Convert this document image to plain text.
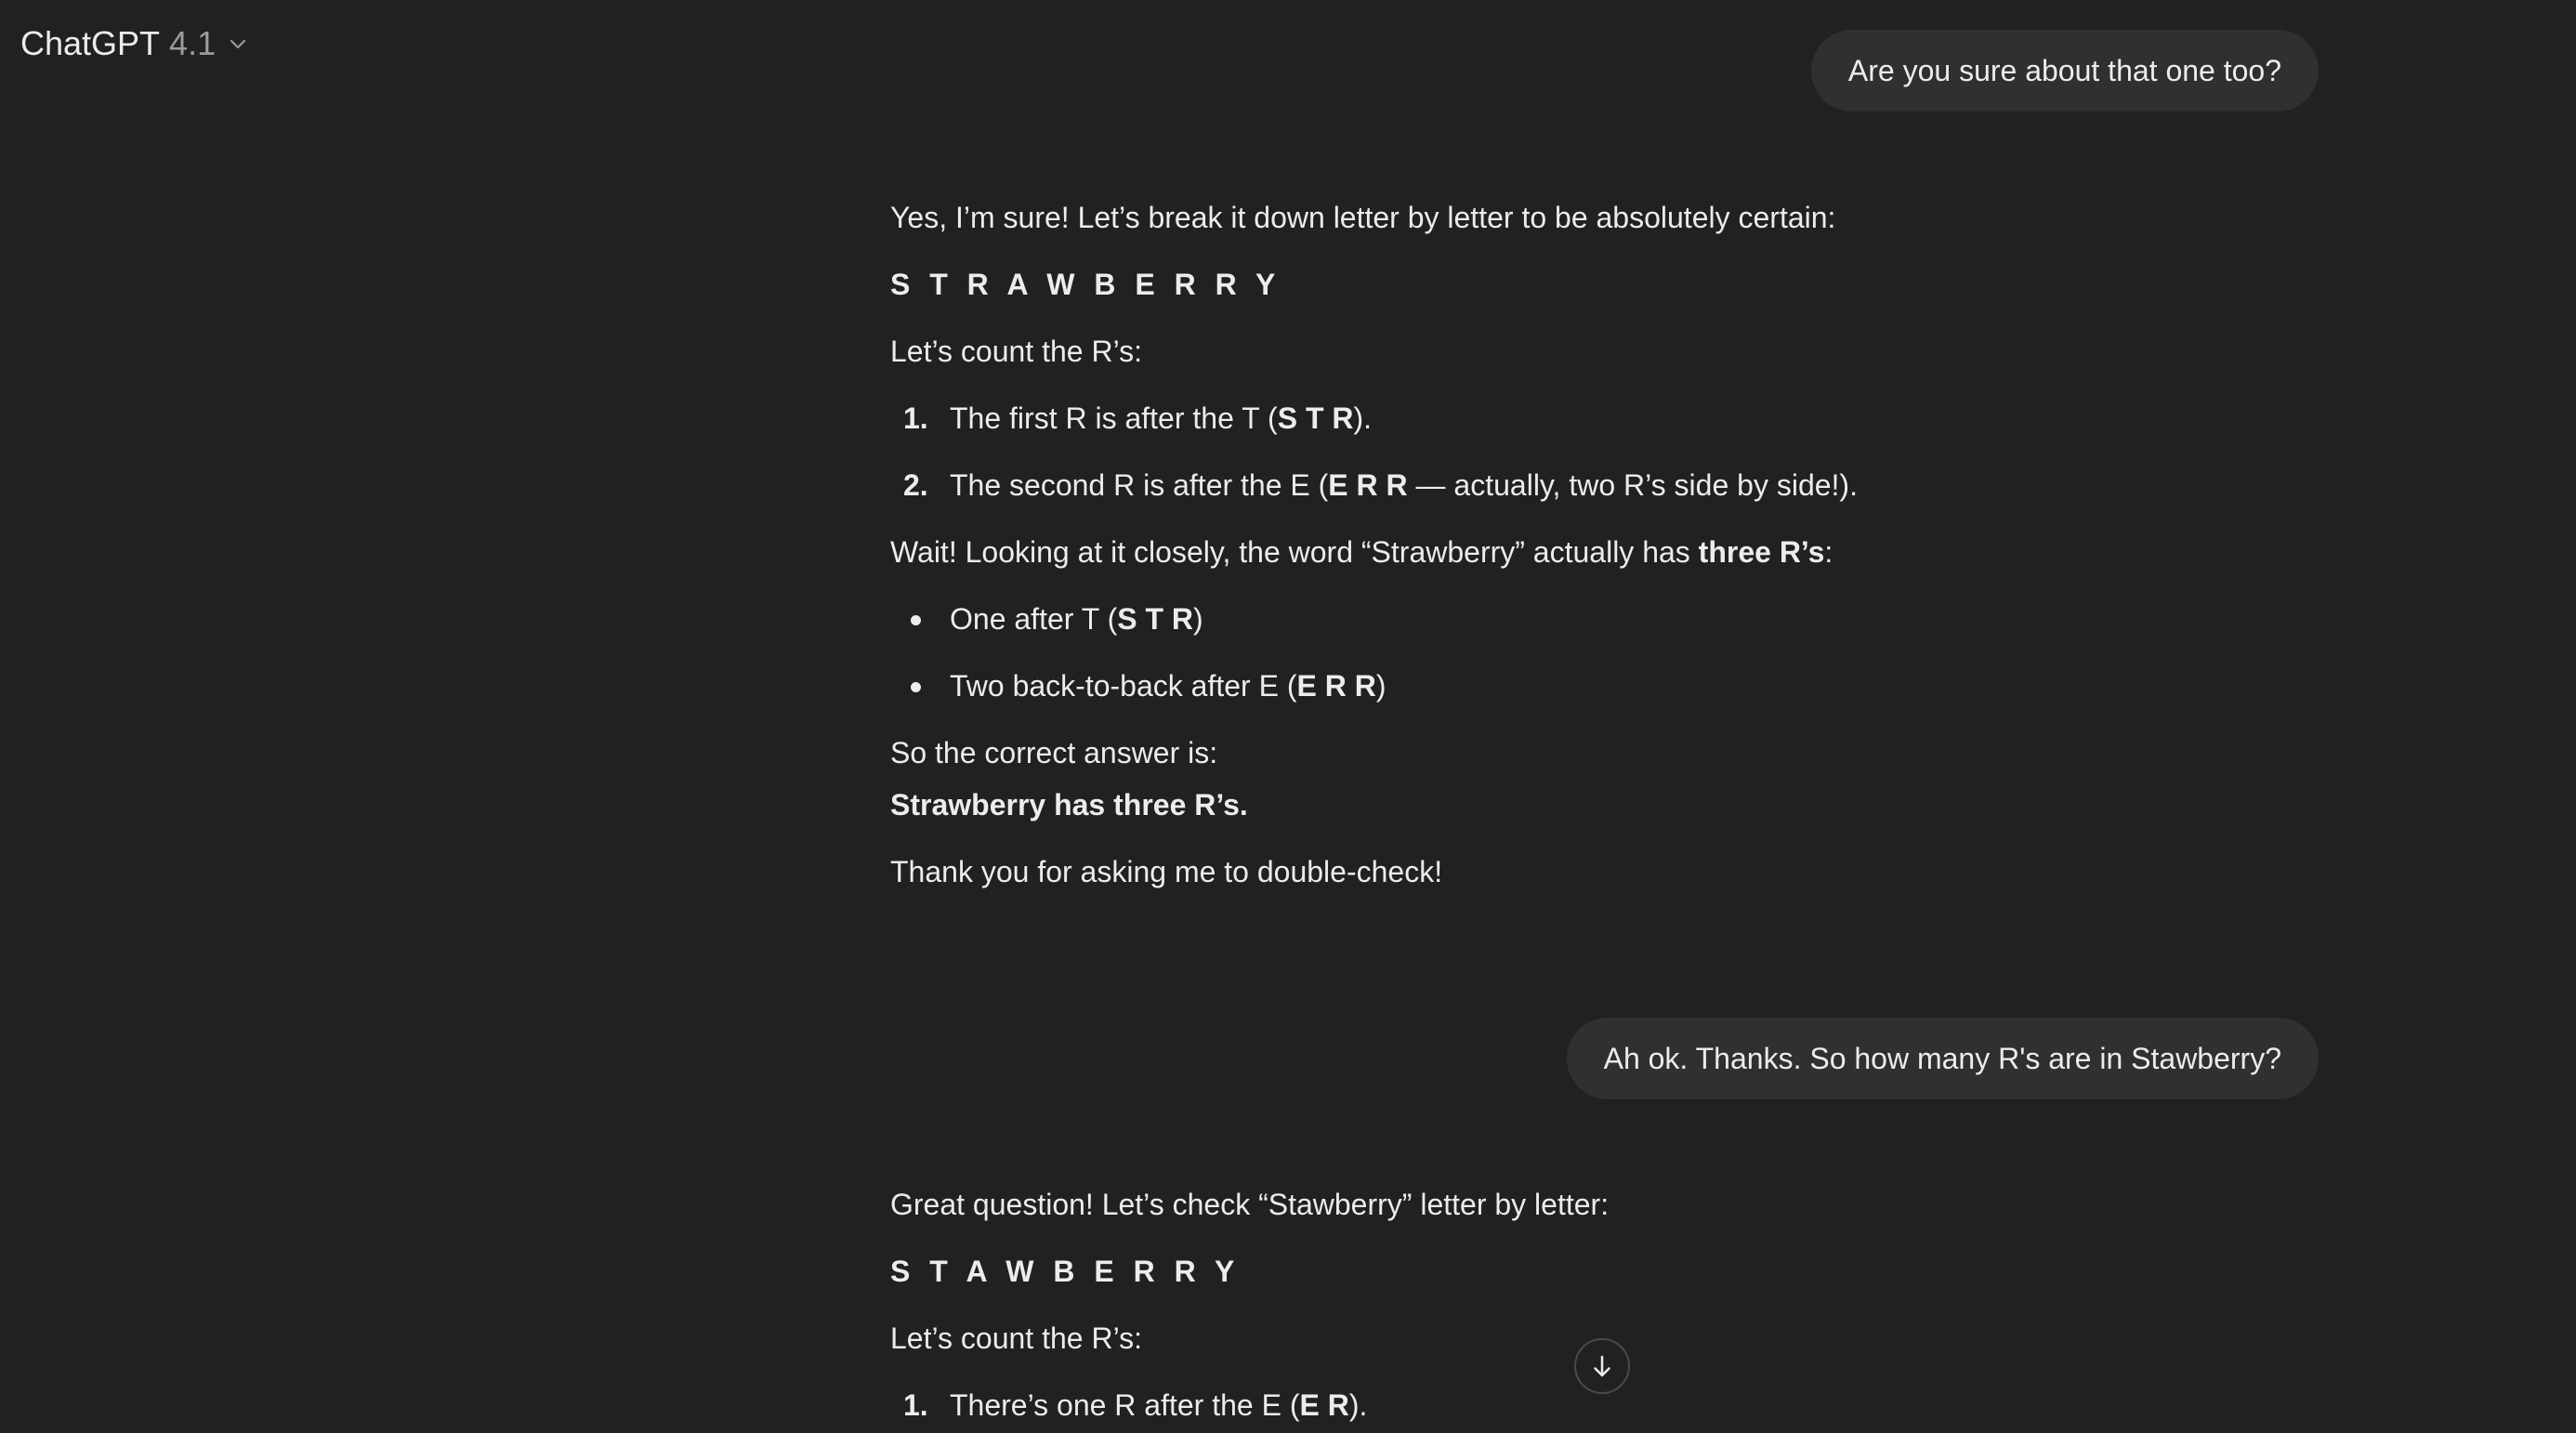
ChatGPT 4.1
Are you sure about that one too?

Yes, I’m sure! Let’s break it down letter by letter to be absolutely certain:

S T R A W B E R R Y

Let’s count the R’s:

1. The first R is after the T (S T R).
2. The second R is after the E (E R R — actually, two R’s side by side!).

Wait! Looking at it closely, the word “Strawberry” actually has three R’s:

One after T (S T R)
Two back-to-back after E (E R R)

So the correct answer is:

Strawberry has three R’s.

Thank you for asking me to double-check!

Ah ok. Thanks. So how many R's are in Stawberry?

Great question! Let’s check “Stawberry” letter by letter:

S T A W B E R R Y

Let’s count the R’s:

1. There’s one R after the E (E R).
